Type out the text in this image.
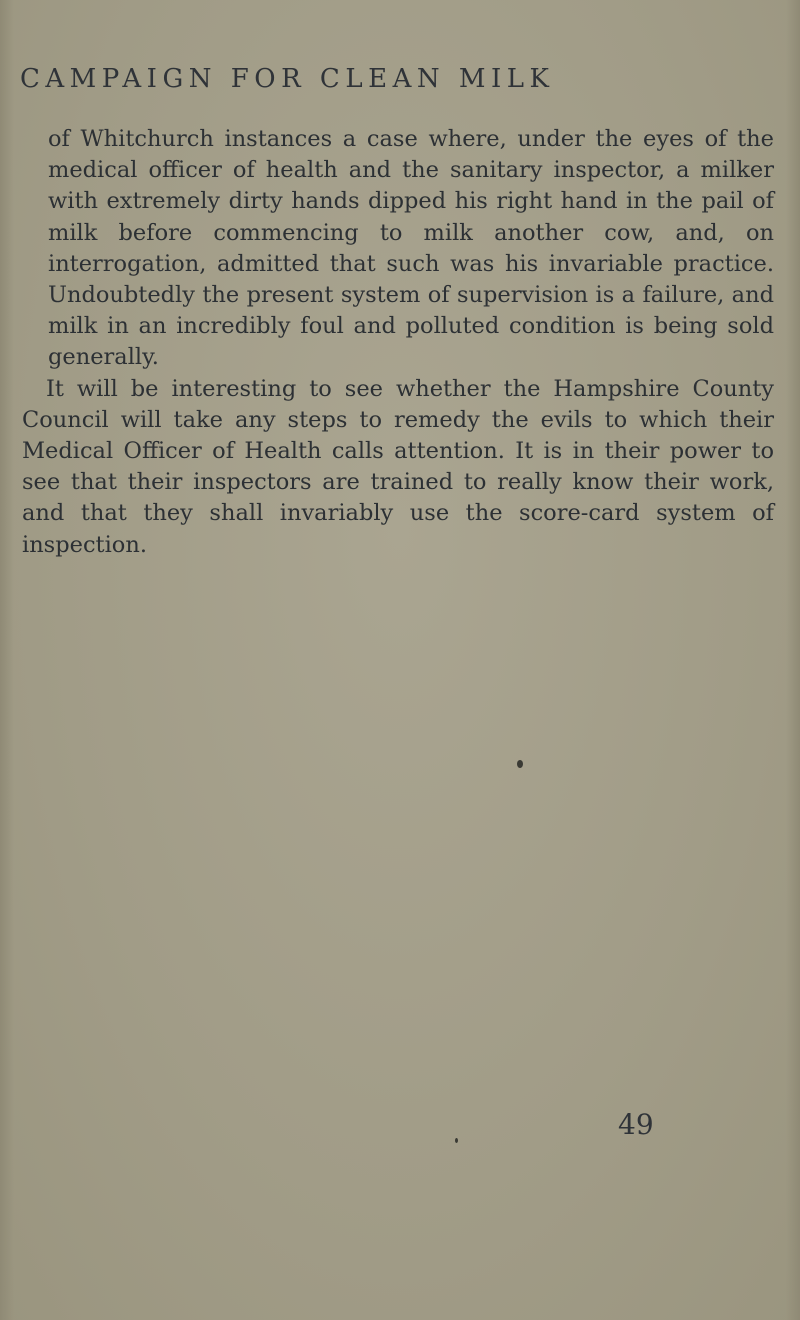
CAMPAIGN FOR CLEAN MILK

of Whitchurch instances a case where, under the eyes of the medical officer of health and the sanitary inspector, a milker with extremely dirty hands dipped his right hand in the pail of milk before commencing to milk another cow, and, on interrogation, admitted that such was his invariable practice. Undoubtedly the present system of supervision is a failure, and milk in an incredibly foul and polluted condition is being sold generally.

It will be interesting to see whether the Hampshire County Council will take any steps to remedy the evils to which their Medical Officer of Health calls attention. It is in their power to see that their inspectors are trained to really know their work, and that they shall invariably use the score-card system of inspection.

49
